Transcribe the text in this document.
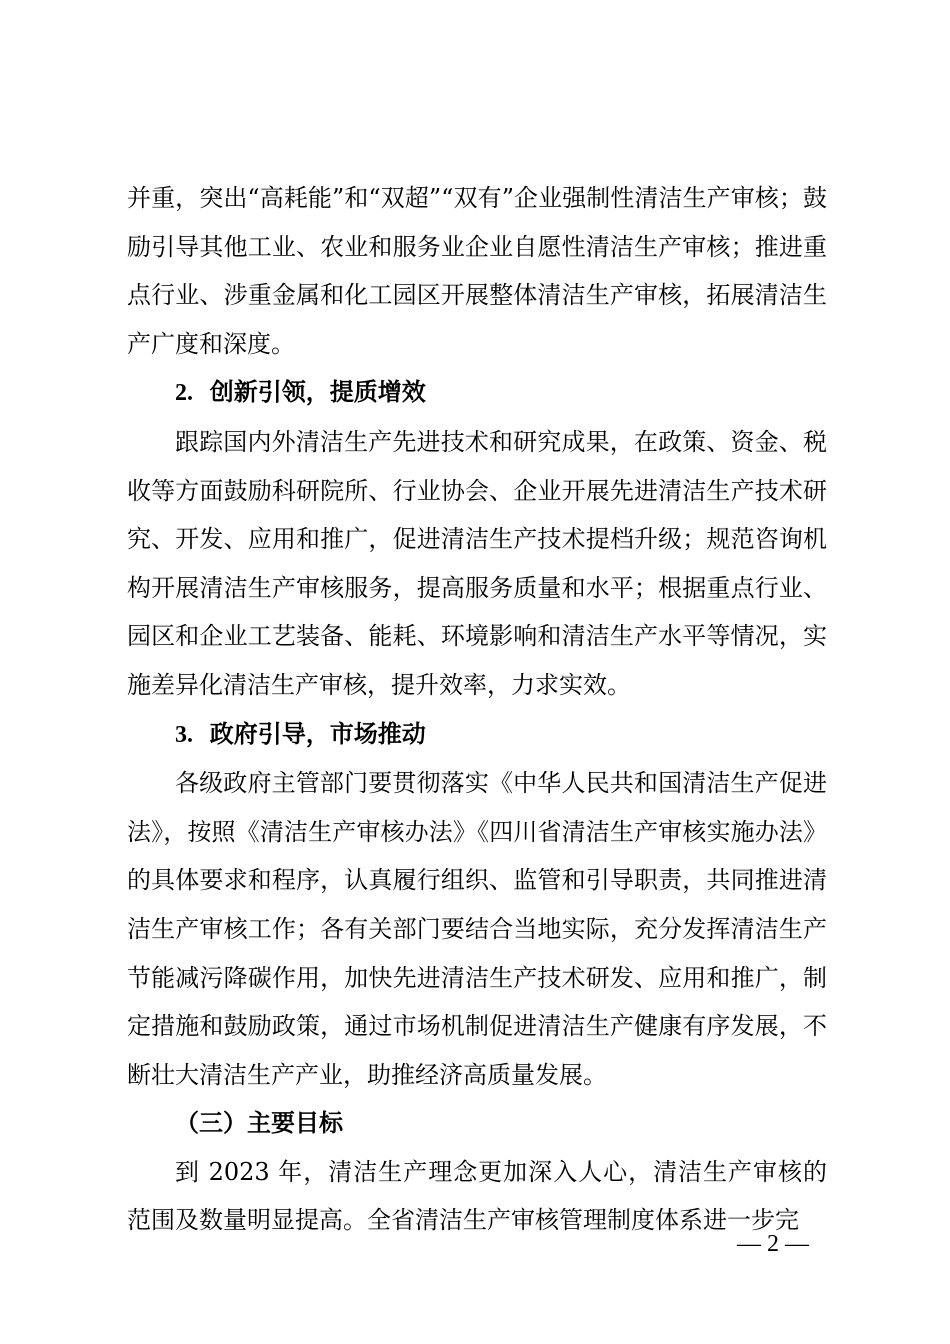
并重，突出“高耗能”和“双超”“双有”企业强制性清洁生产审核；鼓励引导其他工业、农业和服务业企业自愿性清洁生产审核；推进重点行业、涉重金属和化工园区开展整体清洁生产审核，拓展清洁生产广度和深度。

2. 创新引领，提质增效

跟踪国内外清洁生产先进技术和研究成果，在政策、资金、税收等方面鼓励科研院所、行业协会、企业开展先进清洁生产技术研究、开发、应用和推广，促进清洁生产技术提档升级；规范咨询机构开展清洁生产审核服务，提高服务质量和水平；根据重点行业、园区和企业工艺装备、能耗、环境影响和清洁生产水平等情况，实施差异化清洁生产审核，提升效率，力求实效。

3. 政府引导，市场推动

各级政府主管部门要贯彻落实《中华人民共和国清洁生产促进法》，按照《清洁生产审核办法》《四川省清洁生产审核实施办法》的具体要求和程序，认真履行组织、监管和引导职责，共同推进清洁生产审核工作；各有关部门要结合当地实际，充分发挥清洁生产节能减污降碳作用，加快先进清洁生产技术研发、应用和推广，制定措施和鼓励政策，通过市场机制促进清洁生产健康有序发展，不断壮大清洁生产产业，助推经济高质量发展。

（三）主要目标

到 2023 年，清洁生产理念更加深入人心，清洁生产审核的范围及数量明显提高。全省清洁生产审核管理制度体系进一步完

— 2 —
